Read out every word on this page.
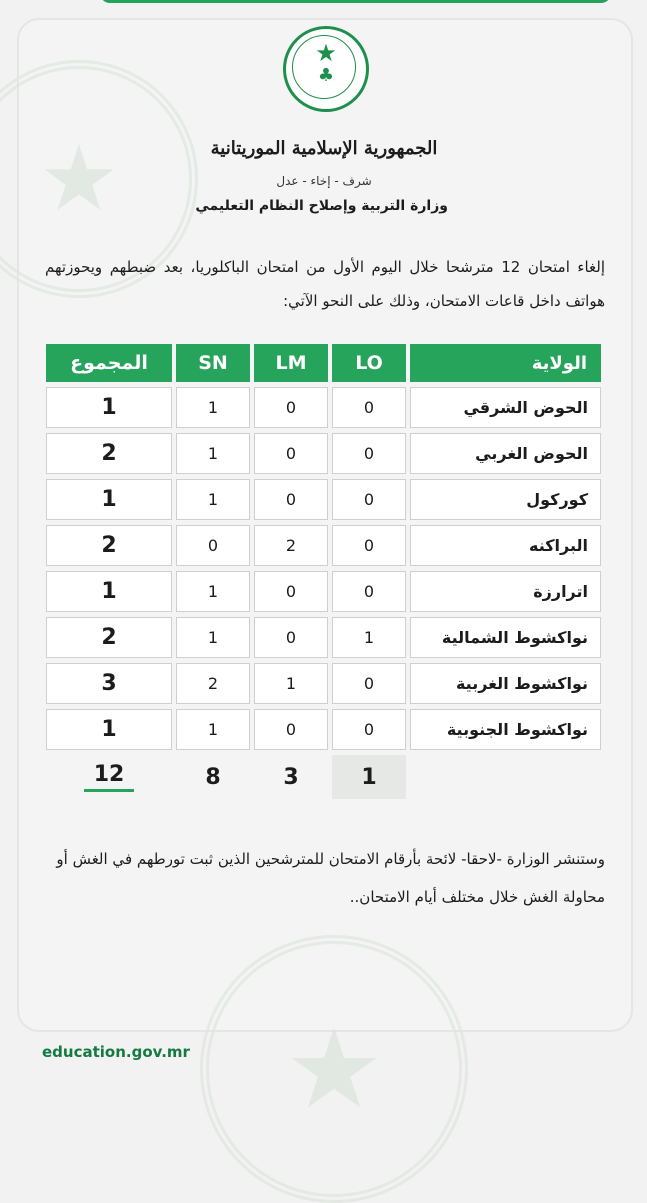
★
★
★
♣
الجمهورية الإسلامية الموريتانية
شرف - إخاء - عدل
وزارة التربية وإصلاح النظام التعليمي

إلغاء امتحان 12 مترشحا خلال اليوم الأول من امتحان الباكلوريا، بعد ضبطهم ويحوزتهم هواتف داخل قاعات الامتحان، وذلك على النحو الآتي:

المجموع	SN	LM	LO	الولاية
1	1	0	0	الحوض الشرقي
2	1	0	0	الحوض الغربي
1	1	0	0	كوركول
2	0	2	0	البراكنه
1	1	0	0	اترارزة
2	1	0	1	نواكشوط الشمالية
3	2	1	0	نواكشوط الغربية
1	1	0	0	نواكشوط الجنوبية
12	8	3	1	

وستنشر الوزارة -لاحقا- لائحة بأرقام الامتحان للمترشحين الذين ثبت تورطهم في الغش أو محاولة الغش خلال مختلف أيام الامتحان..

education.gov.mr
